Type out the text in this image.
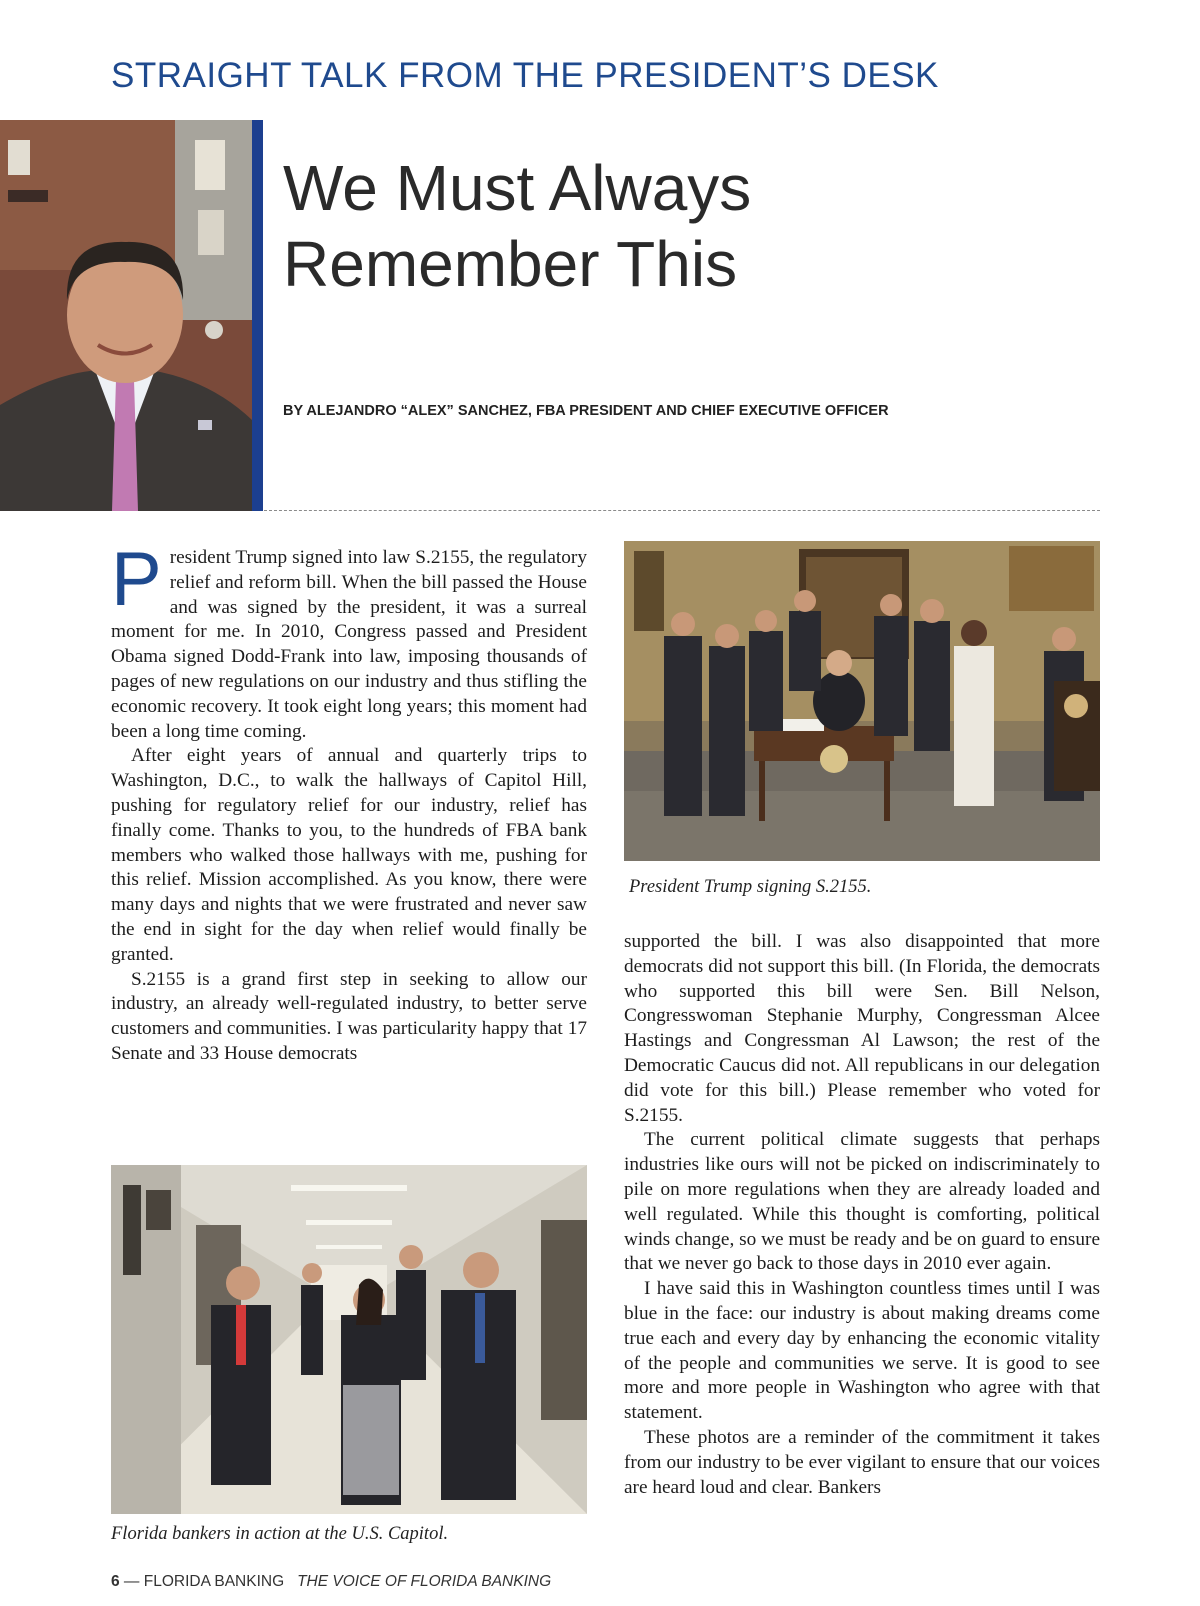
STRAIGHT TALK FROM THE PRESIDENT’S DESK
We Must Always
Remember This

BY ALEJANDRO “ALEX” SANCHEZ, FBA PRESIDENT AND CHIEF EXECUTIVE OFFICER

President Trump signed into law S.2155, the regulatory relief and reform bill. When the bill passed the House and was signed by the president, it was a surreal moment for me. In 2010, Congress passed and President Obama signed Dodd-Frank into law, imposing thousands of pages of new regulations on our industry and thus stifling the economic recovery. It took eight long years; this moment had been a long time coming.

After eight years of annual and quarterly trips to Washington, D.C., to walk the hallways of Capitol Hill, pushing for regulatory relief for our industry, relief has finally come. Thanks to you, to the hundreds of FBA bank members who walked those hallways with me, pushing for this relief. Mission accomplished. As you know, there were many days and nights that we were frustrated and never saw the end in sight for the day when relief would finally be granted.

S.2155 is a grand first step in seeking to allow our industry, an already well-regulated industry, to better serve customers and communities. I was particularity happy that 17 Senate and 33 House democrats

President Trump signing S.2155.

supported the bill. I was also disappointed that more democrats did not support this bill. (In Florida, the democrats who supported this bill were Sen. Bill Nelson, Congresswoman Stephanie Murphy, Congressman Alcee Hastings and Congressman Al Lawson; the rest of the Democratic Caucus did not. All republicans in our delegation did vote for this bill.) Please remember who voted for S.2155.

The current political climate suggests that perhaps industries like ours will not be picked on indiscriminately to pile on more regulations when they are already loaded and well regulated. While this thought is comforting, political winds change, so we must be ready and be on guard to ensure that we never go back to those days in 2010 ever again.

I have said this in Washington countless times until I was blue in the face: our industry is about making dreams come true each and every day by enhancing the economic vitality of the people and communities we serve. It is good to see more and more people in Washington who agree with that statement.

These photos are a reminder of the commitment it takes from our industry to be ever vigilant to ensure that our voices are heard loud and clear. Bankers

Florida bankers in action at the U.S. Capitol.

6 — FLORIDA BANKING THE VOICE OF FLORIDA BANKING
